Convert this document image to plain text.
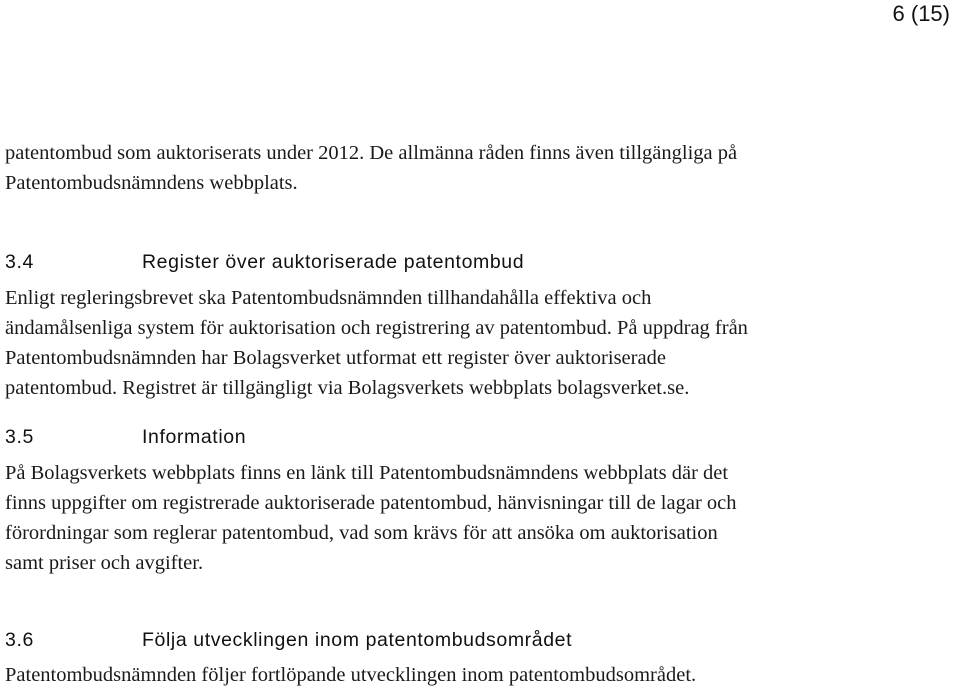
6 (15)
patentombud som auktoriserats under 2012. De allmänna råden finns även tillgängliga på
Patentombudsnämndens webbplats.
3.4	Register över auktoriserade patentombud
Enligt regleringsbrevet ska Patentombudsnämnden tillhandahålla effektiva och
ändamålsenliga system för auktorisation och registrering av patentombud. På uppdrag från
Patentombudsnämnden har Bolagsverket utformat ett register över auktoriserade
patentombud. Registret är tillgängligt via Bolagsverkets webbplats bolagsverket.se.
3.5	Information
På Bolagsverkets webbplats finns en länk till Patentombudsnämndens webbplats där det
finns uppgifter om registrerade auktoriserade patentombud, hänvisningar till de lagar och
förordningar som reglerar patentombud, vad som krävs för att ansöka om auktorisation
samt priser och avgifter.
3.6	Följa utvecklingen inom patentombudsområdet
Patentombudsnämnden följer fortlöpande utvecklingen inom patentombudsområdet.
